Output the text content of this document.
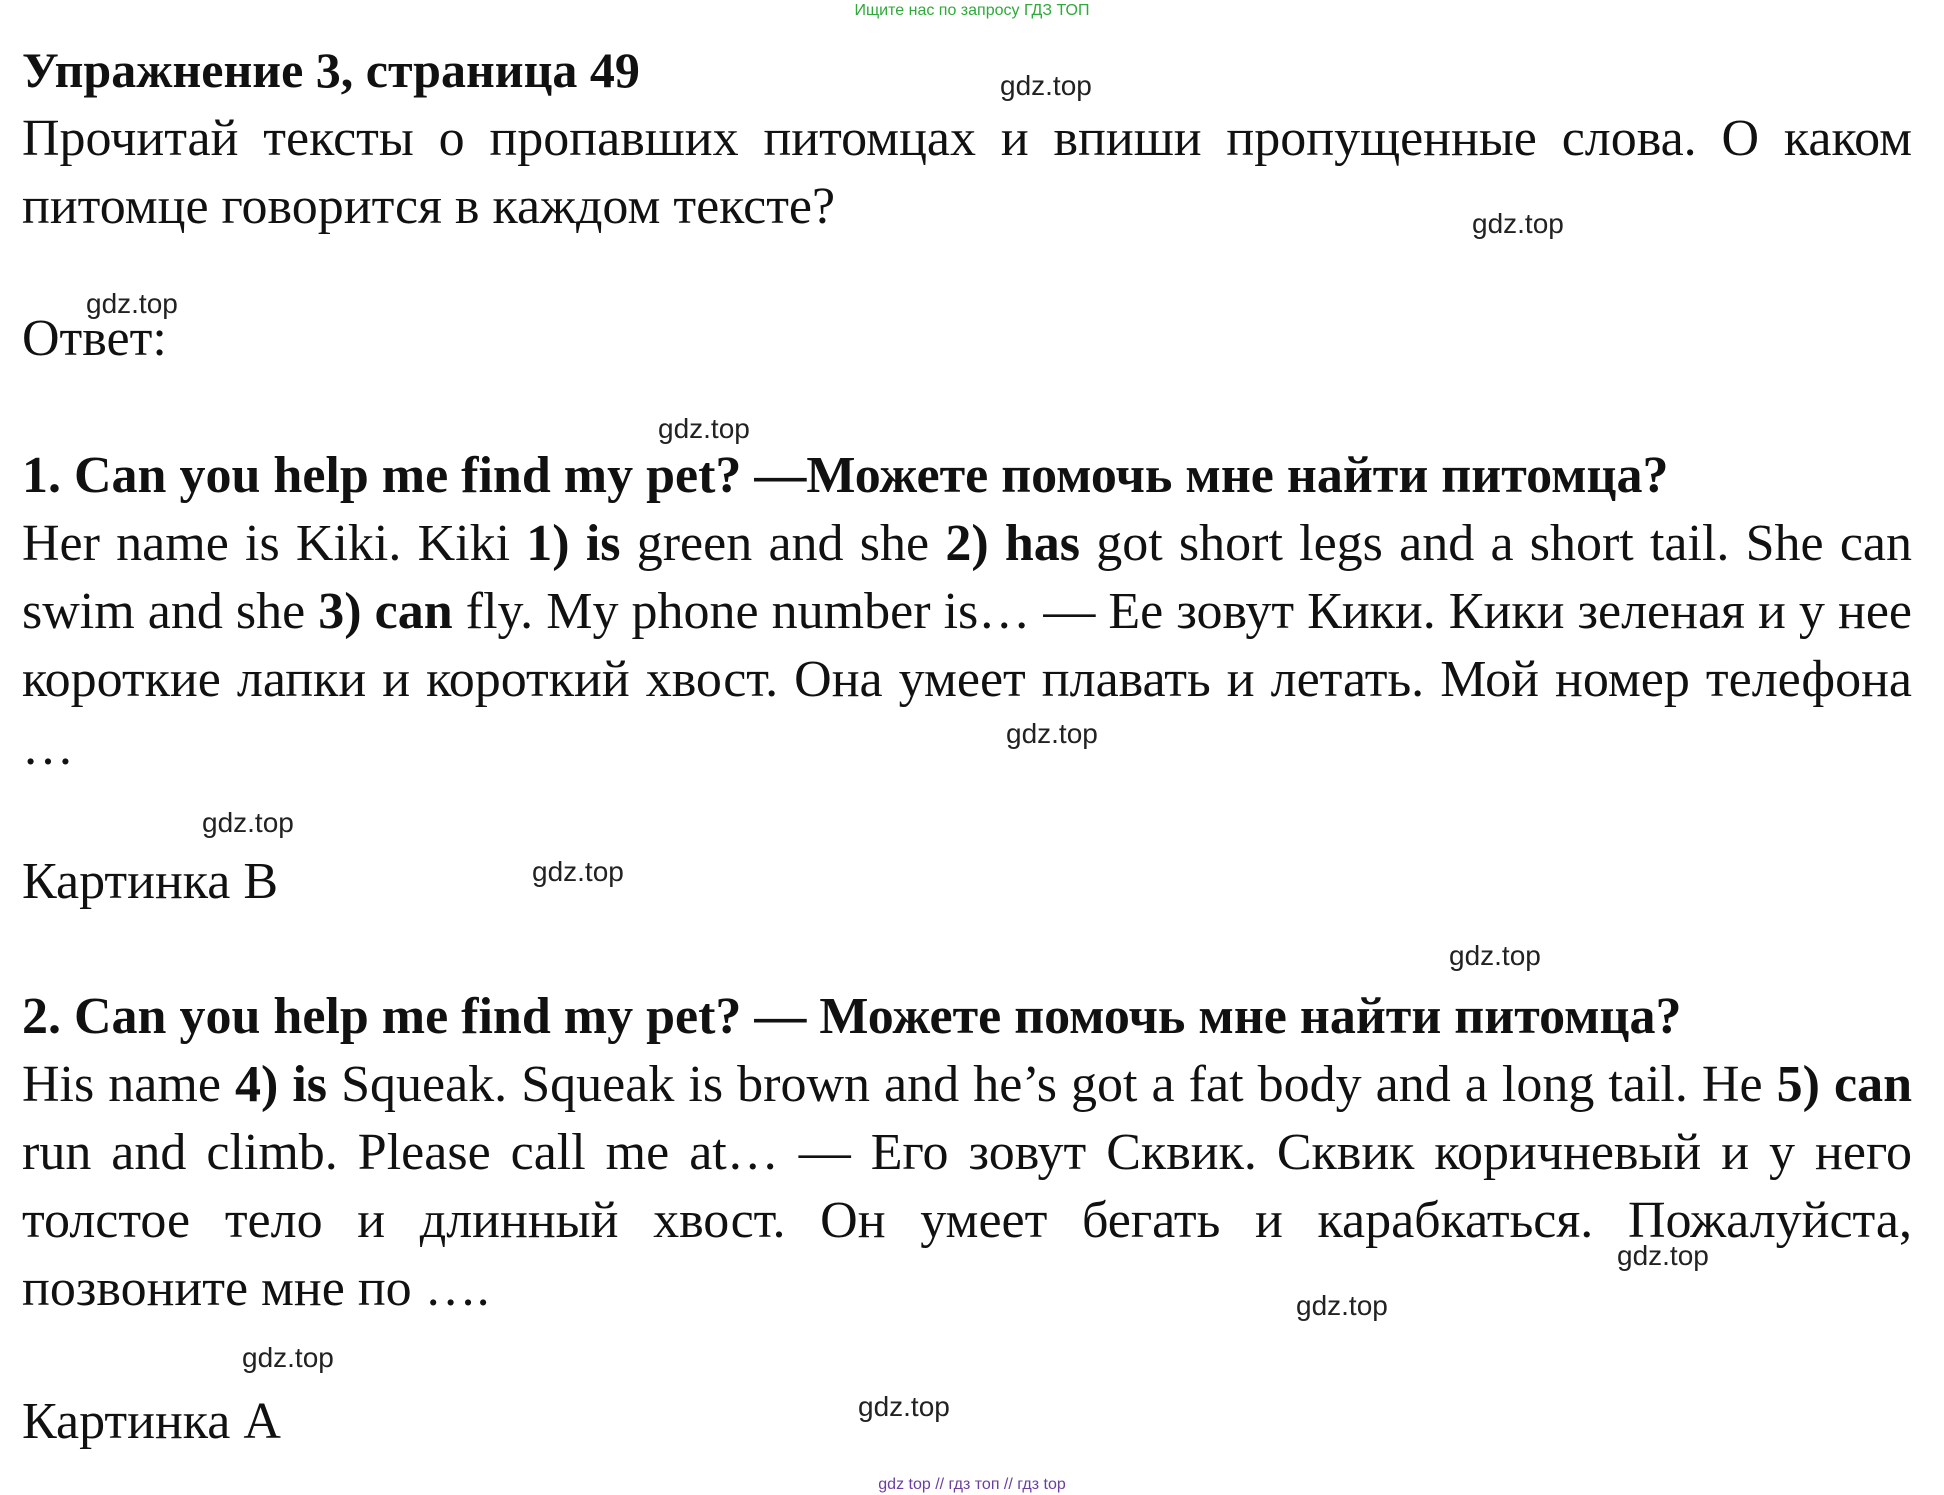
Ищите нас по запросу ГДЗ ТОП
Упражнение 3, страница 49
Прочитай тексты о пропавших питомцах и впиши пропущенные слова. О каком питомце говорится в каждом тексте?
Ответ:
1. Can you help me find my pet? —Можете помочь мне найти питомца?
Her name is Kiki. Kiki 1) is green and she 2) has got short legs and a short tail. She can swim and she 3) can fly. My phone number is… — Ее зовут Кики. Кики зеленая и у нее короткие лапки и короткий хвост. Она умеет плавать и летать. Мой номер телефона …
Картинка B
2. Can you help me find my pet? — Можете помочь мне найти питомца?
His name 4) is Squeak. Squeak is brown and he’s got a fat body and a long tail. He 5) can run and climb. Please call me at… — Его зовут Сквик. Сквик коричневый и у него толстое тело и длинный хвост. Он умеет бегать и карабкаться. Пожалуйста, позвоните мне по ….
Картинка A
gdz.top
gdz.top
gdz.top
gdz.top
gdz.top
gdz.top
gdz.top
gdz.top
gdz.top
gdz.top
gdz.top
gdz.top
gdz top // гдз топ // гдз top
